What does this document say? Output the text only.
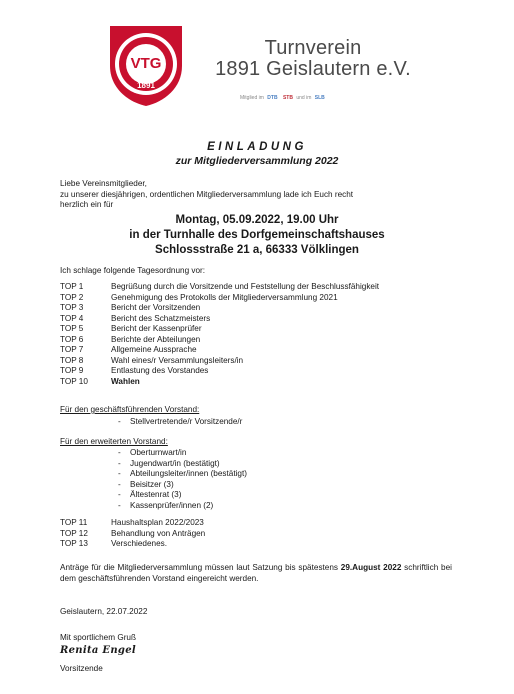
VTG
1891
Turnverein
1891 Geislautern e.V.
Mitglied im DTB STB und im SLB
EINLADUNG
zur Mitgliederversammlung 2022
Liebe Vereinsmitglieder,
zu unserer diesjährigen, ordentlichen Mitgliederversammlung lade ich Euch recht
herzlich ein für
Montag, 05.09.2022, 19.00 Uhr
in der Turnhalle des Dorfgemeinschaftshauses
Schlossstraße 21 a, 66333 Völklingen
Ich schlage folgende Tagesordnung vor:
TOP 1	Begrüßung durch die Vorsitzende und Feststellung der Beschlussfähigkeit
TOP 2	Genehmigung des Protokolls der Mitgliederversammlung 2021
TOP 3	Bericht der Vorsitzenden
TOP 4	Bericht des Schatzmeisters
TOP 5	Bericht der Kassenprüfer
TOP 6	Berichte der Abteilungen
TOP 7	Allgemeine Aussprache
TOP 8	Wahl eines/r Versammlungsleiters/in
TOP 9	Entlastung des Vorstandes
TOP 10	Wahlen
Für den geschäftsführenden Vorstand:
- Stellvertretende/r Vorsitzende/r
Für den erweiterten Vorstand:
- Oberturnwart/in
- Jugendwart/in (bestätigt)
- Abteilungsleiter/innen (bestätigt)
- Beisitzer (3)
- Ältestenrat (3)
- Kassenprüfer/innen (2)
TOP 11	Haushaltsplan 2022/2023
TOP 12	Behandlung von Anträgen
TOP 13	Verschiedenes.
Anträge für die Mitgliederversammlung müssen laut Satzung bis spätestens 29.August 2022 schriftlich bei dem geschäftsführenden Vorstand eingereicht werden.
Geislautern, 22.07.2022
Mit sportlichem Gruß
Renita Engel
Vorsitzende
